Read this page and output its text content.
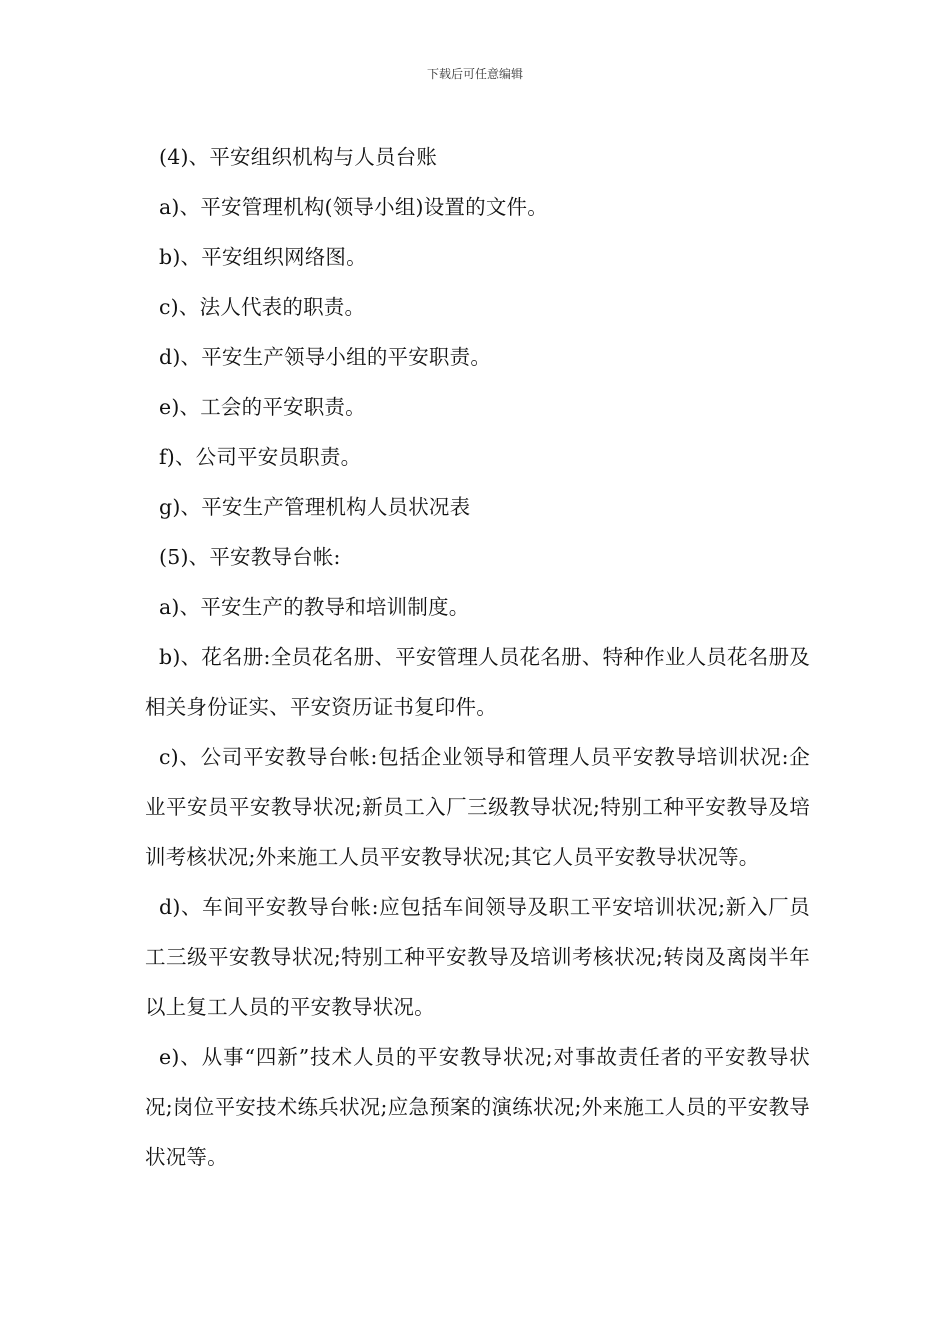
下载后可任意编辑

(4)、平安组织机构与人员台账

a)、平安管理机构(领导小组)设置的文件。

b)、平安组织网络图。

c)、法人代表的职责。

d)、平安生产领导小组的平安职责。

e)、工会的平安职责。

f)、公司平安员职责。

g)、平安生产管理机构人员状况表

(5)、平安教导台帐:

a)、平安生产的教导和培训制度。

b)、花名册:全员花名册、平安管理人员花名册、特种作业人员花名册及相关身份证实、平安资历证书复印件。

c)、公司平安教导台帐:包括企业领导和管理人员平安教导培训状况:企业平安员平安教导状况;新员工入厂三级教导状况;特别工种平安教导及培训考核状况;外来施工人员平安教导状况;其它人员平安教导状况等。

d)、车间平安教导台帐:应包括车间领导及职工平安培训状况;新入厂员工三级平安教导状况;特别工种平安教导及培训考核状况;转岗及离岗半年以上复工人员的平安教导状况。

e)、从事“四新”技术人员的平安教导状况;对事故责任者的平安教导状况;岗位平安技术练兵状况;应急预案的演练状况;外来施工人员的平安教导状况等。
